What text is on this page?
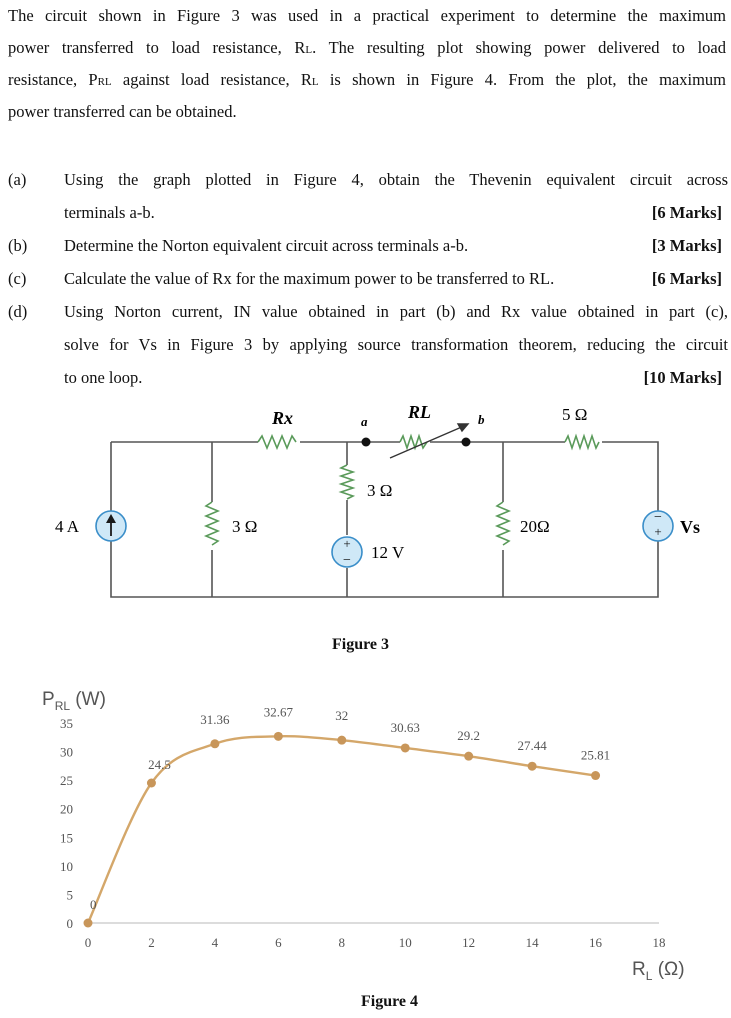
The circuit shown in Figure 3 was used in a practical experiment to determine the maximum
power transferred to load resistance, RL. The resulting plot showing power delivered to load
resistance, PRL against load resistance, RL is shown in Figure 4. From the plot, the maximum
power transferred can be obtained.
(a) Using the graph plotted in Figure 4, obtain the Thevenin equivalent circuit across
terminals a-b.	[6 Marks]
(b) Determine the Norton equivalent circuit across terminals a-b.	[3 Marks]
(c) Calculate the value of Rx for the maximum power to be transferred to RL.	[6 Marks]
(d) Using Norton current, IN value obtained in part (b) and Rx value obtained in part (c),
solve for Vs in Figure 3 by applying source transformation theorem, reducing the circuit
to one loop.	[10 Marks]
+
−
−
+
4 A	3 Ω
Rx
3 Ω
12 V
a RL	b	5 Ω
20Ω	Vs
Figure 3
$P_{RL}$ (W)
$R_L$ (Ω)
0
5
10
15
20
25
30
35
0	2	4	6	8	10	12	14	16	18
0
24.5
31.36	32.67	32
30.63
29.2
27.44
25.81
Figure 4
